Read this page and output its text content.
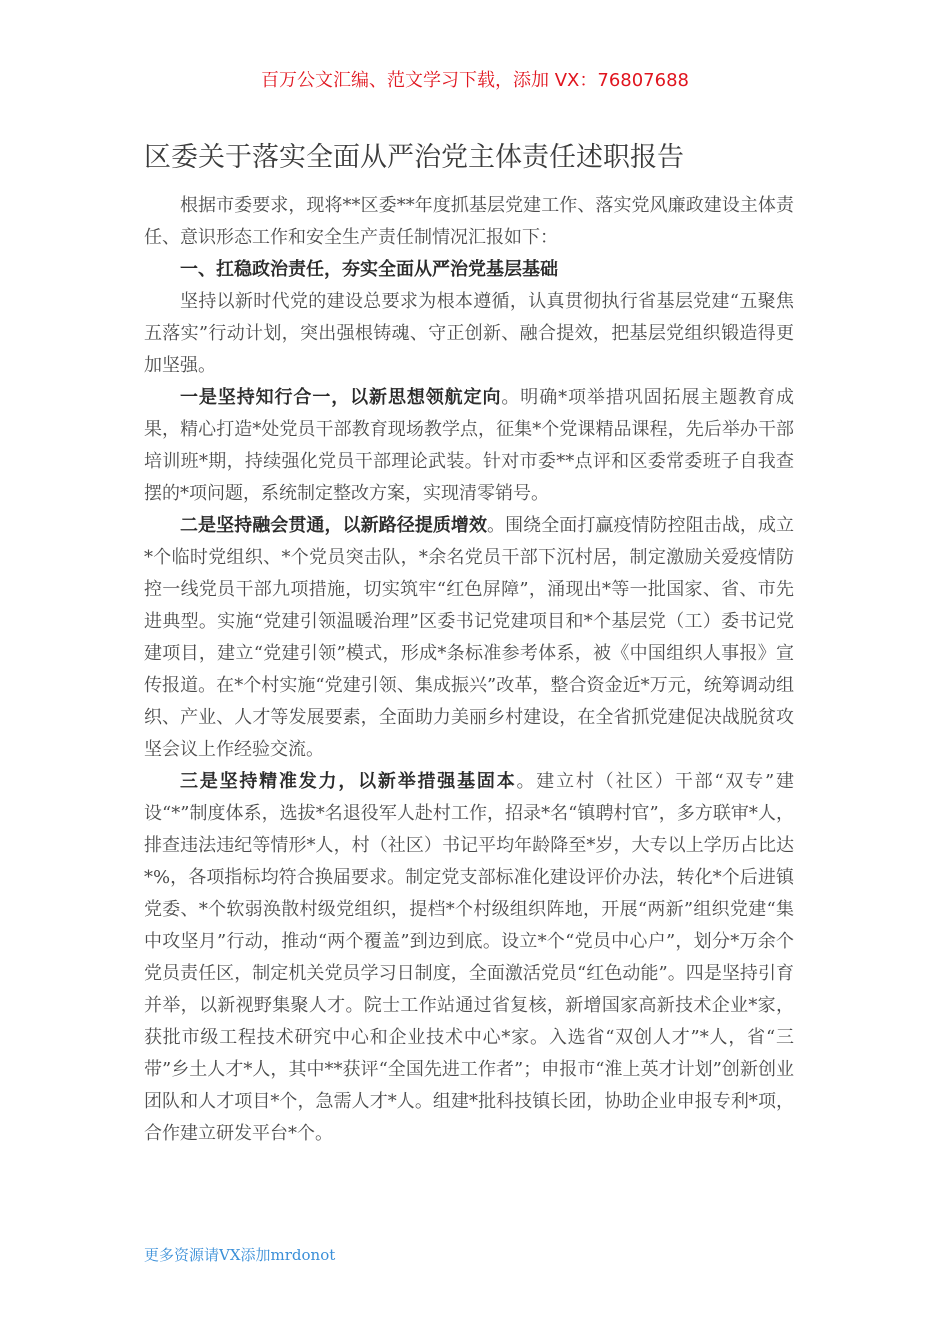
百万公文汇编、范文学习下载，添加 VX：76807688
区委关于落实全面从严治党主体责任述职报告

根据市委要求，现将**区委**年度抓基层党建工作、落实党风廉政建设主体责任、意识形态工作和安全生产责任制情况汇报如下：

一、扛稳政治责任，夯实全面从严治党基层基础

坚持以新时代党的建设总要求为根本遵循，认真贯彻执行省基层党建“五聚焦五落实”行动计划，突出强根铸魂、守正创新、融合提效，把基层党组织锻造得更加坚强。

一是坚持知行合一，以新思想领航定向。明确*项举措巩固拓展主题教育成果，精心打造*处党员干部教育现场教学点，征集*个党课精品课程，先后举办干部培训班*期，持续强化党员干部理论武装。针对市委**点评和区委常委班子自我查摆的*项问题，系统制定整改方案，实现清零销号。

二是坚持融会贯通，以新路径提质增效。围绕全面打赢疫情防控阻击战，成立*个临时党组织、*个党员突击队，*余名党员干部下沉村居，制定激励关爱疫情防控一线党员干部九项措施，切实筑牢“红色屏障”，涌现出*等一批国家、省、市先进典型。实施“党建引领温暖治理”区委书记党建项目和*个基层党（工）委书记党建项目，建立“党建引领”模式，形成*条标准参考体系，被《中国组织人事报》宣传报道。在*个村实施“党建引领、集成振兴”改革，整合资金近*万元，统筹调动组织、产业、人才等发展要素，全面助力美丽乡村建设，在全省抓党建促决战脱贫攻坚会议上作经验交流。

三是坚持精准发力，以新举措强基固本。建立村（社区）干部“双专”建设“*”制度体系，选拔*名退役军人赴村工作，招录*名“镇聘村官”，多方联审*人，排查违法违纪等情形*人，村（社区）书记平均年龄降至*岁，大专以上学历占比达*%，各项指标均符合换届要求。制定党支部标准化建设评价办法，转化*个后进镇党委、*个软弱涣散村级党组织，提档*个村级组织阵地，开展“两新”组织党建“集中攻坚月”行动，推动“两个覆盖”到边到底。设立*个“党员中心户”，划分*万余个党员责任区，制定机关党员学习日制度，全面激活党员“红色动能”。四是坚持引育并举，以新视野集聚人才。院士工作站通过省复核，新增国家高新技术企业*家，获批市级工程技术研究中心和企业技术中心*家。入选省“双创人才”*人，省“三带”乡土人才*人，其中**获评“全国先进工作者”；申报市“淮上英才计划”创新创业团队和人才项目*个，急需人才*人。组建*批科技镇长团，协助企业申报专利*项，合作建立研发平台*个。

更多资源请VX添加mrdonot
